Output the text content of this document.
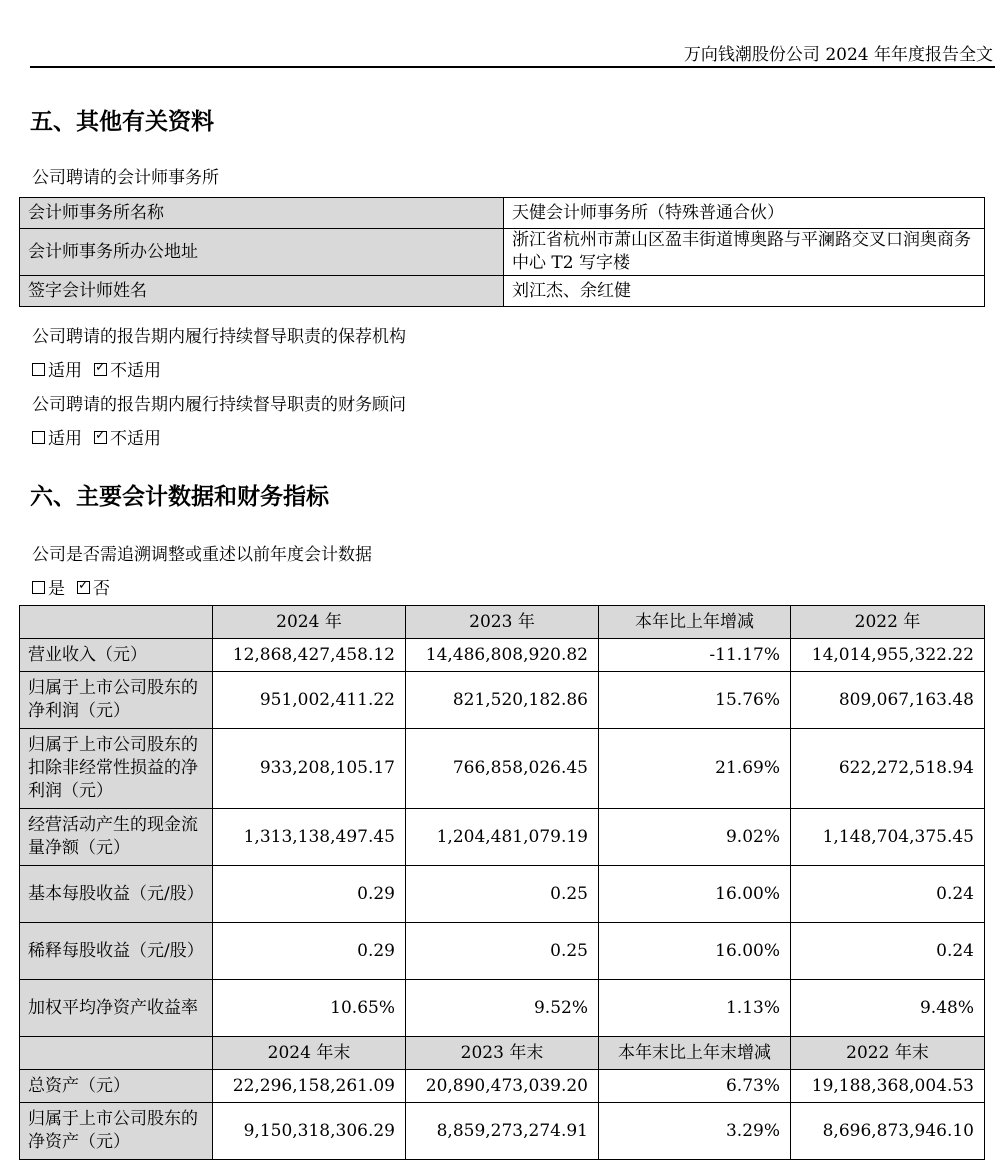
万向钱潮股份公司 2024 年年度报告全文
五、其他有关资料
公司聘请的会计师事务所
会计师事务所名称	天健会计师事务所（特殊普通合伙）
会计师事务所办公地址	浙江省杭州市萧山区盈丰街道博奥路与平澜路交叉口润奥商务中心 T2 写字楼
签字会计师姓名	刘江杰、余红健
公司聘请的报告期内履行持续督导职责的保荐机构
适用 ✓ 不适用
公司聘请的报告期内履行持续督导职责的财务顾问
适用 ✓ 不适用
六、主要会计数据和财务指标
公司是否需追溯调整或重述以前年度会计数据
是 ✓ 否
	2024 年	2023 年	本年比上年增减	2022 年
营业收入（元）	12,868,427,458.12	14,486,808,920.82	-11.17%	14,014,955,322.22
归属于上市公司股东的净利润（元）	951,002,411.22	821,520,182.86	15.76%	809,067,163.48
归属于上市公司股东的扣除非经常性损益的净利润（元）	933,208,105.17	766,858,026.45	21.69%	622,272,518.94
经营活动产生的现金流量净额（元）	1,313,138,497.45	1,204,481,079.19	9.02%	1,148,704,375.45
基本每股收益（元/股）	0.29	0.25	16.00%	0.24
稀释每股收益（元/股）	0.29	0.25	16.00%	0.24
加权平均净资产收益率	10.65%	9.52%	1.13%	9.48%
	2024 年末	2023 年末	本年末比上年末增减	2022 年末
总资产（元）	22,296,158,261.09	20,890,473,039.20	6.73%	19,188,368,004.53
归属于上市公司股东的净资产（元）	9,150,318,306.29	8,859,273,274.91	3.29%	8,696,873,946.10
